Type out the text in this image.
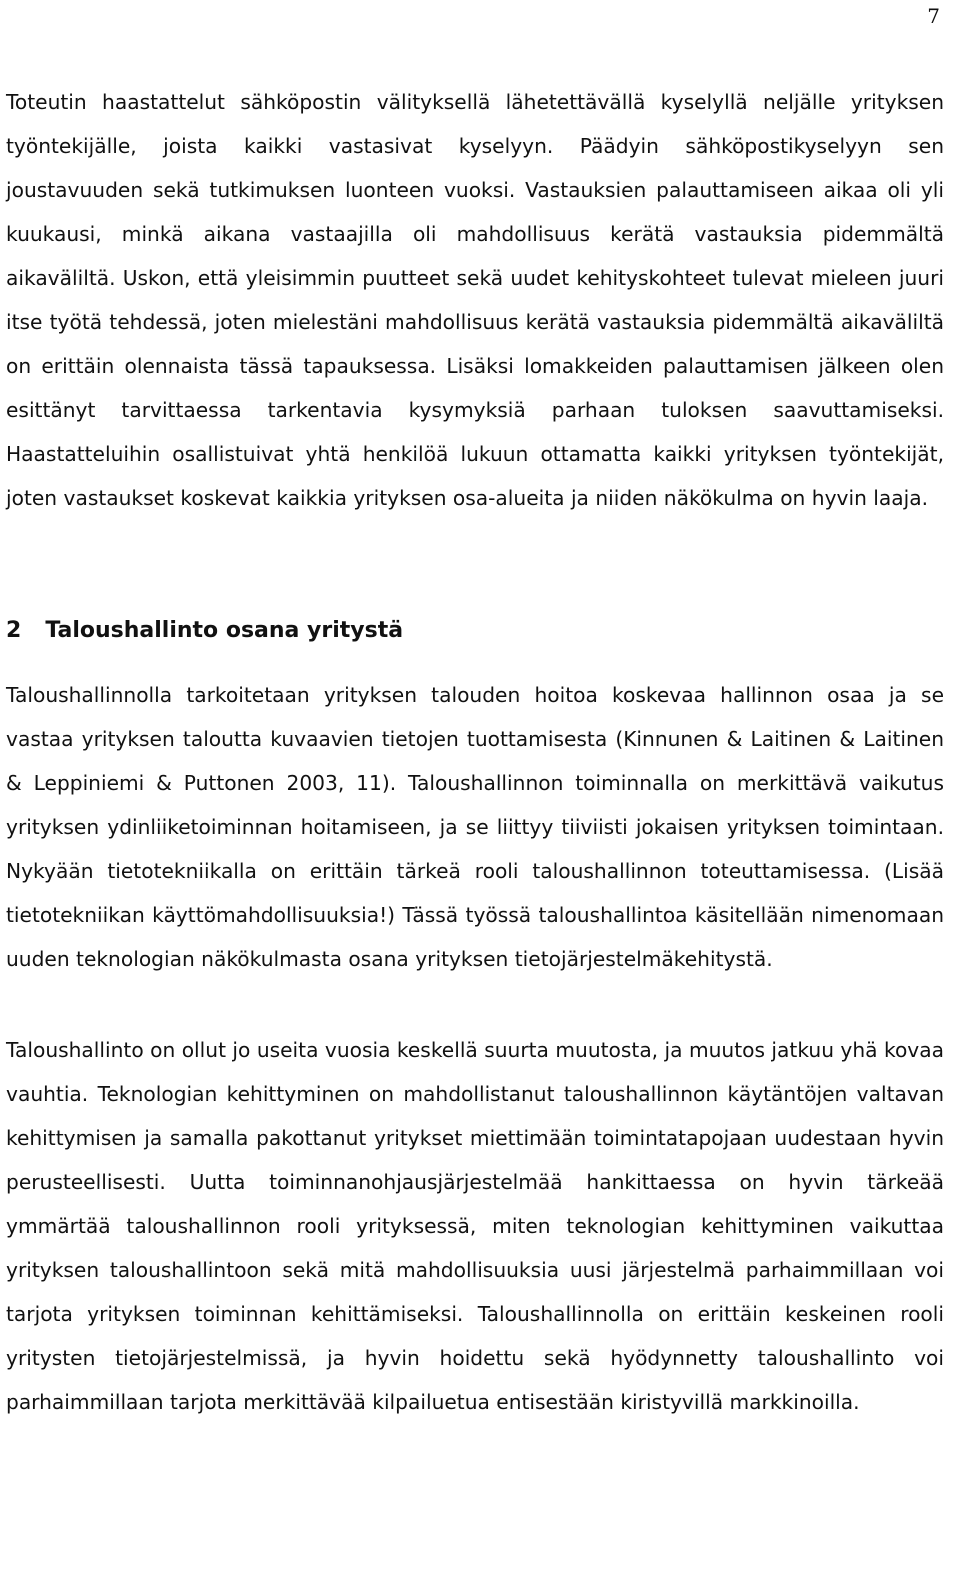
7

Toteutin haastattelut sähköpostin välityksellä lähetettävällä kyselyllä neljälle yrityksen työntekijälle, joista kaikki vastasivat kyselyyn. Päädyin sähköpostikyselyyn sen joustavuuden sekä tutkimuksen luonteen vuoksi. Vastauksien palauttamiseen aikaa oli yli kuukausi, minkä aikana vastaajilla oli mahdollisuus kerätä vastauksia pidemmältä aikaväliltä. Uskon, että yleisimmin puutteet sekä uudet kehityskohteet tulevat mieleen juuri itse työtä tehdessä, joten mielestäni mahdollisuus kerätä vastauksia pidemmältä aikaväliltä on erittäin olennaista tässä tapauksessa. Lisäksi lomakkeiden palauttamisen jälkeen olen esittänyt tarvittaessa tarkentavia kysymyksiä parhaan tuloksen saavuttamiseksi. Haastatteluihin osallistuivat yhtä henkilöä lukuun ottamatta kaikki yrityksen työntekijät, joten vastaukset koskevat kaikkia yrityksen osa-alueita ja niiden näkökulma on hyvin laaja.

2 Taloushallinto osana yritystä

Taloushallinnolla tarkoitetaan yrityksen talouden hoitoa koskevaa hallinnon osaa ja se vastaa yrityksen taloutta kuvaavien tietojen tuottamisesta (Kinnunen & Laitinen & Laitinen & Leppiniemi & Puttonen 2003, 11). Taloushallinnon toiminnalla on merkittävä vaikutus yrityksen ydinliiketoiminnan hoitamiseen, ja se liittyy tiiviisti jokaisen yrityksen toimintaan. Nykyään tietotekniikalla on erittäin tärkeä rooli taloushallinnon toteuttamisessa. (Lisää tietotekniikan käyttömahdollisuuksia!) Tässä työssä taloushallintoa käsitellään nimenomaan uuden teknologian näkökulmasta osana yrityksen tietojärjestelmäkehitystä.

Taloushallinto on ollut jo useita vuosia keskellä suurta muutosta, ja muutos jatkuu yhä kovaa vauhtia. Teknologian kehittyminen on mahdollistanut taloushallinnon käytäntöjen valtavan kehittymisen ja samalla pakottanut yritykset miettimään toimintatapojaan uudestaan hyvin perusteellisesti. Uutta toiminnanohjausjärjestelmää hankittaessa on hyvin tärkeää ymmärtää taloushallinnon rooli yrityksessä, miten teknologian kehittyminen vaikuttaa yrityksen taloushallintoon sekä mitä mahdollisuuksia uusi järjestelmä parhaimmillaan voi tarjota yrityksen toiminnan kehittämiseksi. Taloushallinnolla on erittäin keskeinen rooli yritysten tietojärjestelmissä, ja hyvin hoidettu sekä hyödynnetty taloushallinto voi parhaimmillaan tarjota merkittävää kilpailuetua entisestään kiristyvillä markkinoilla.
